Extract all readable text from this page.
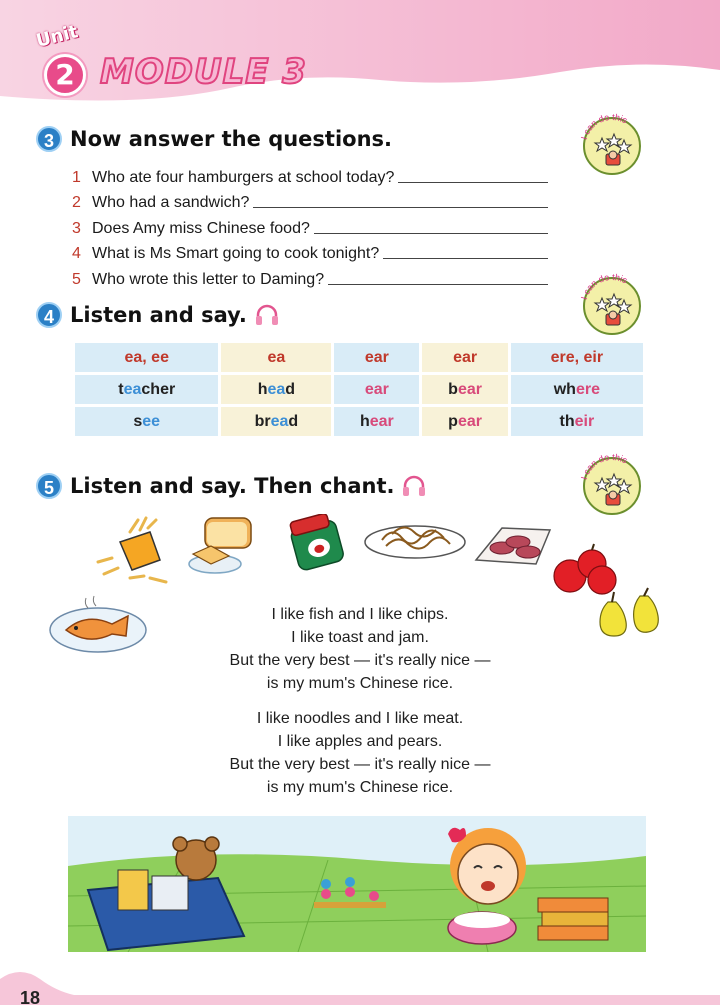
Unit
2 MODULE 3
3 Now answer the questions.
1 Who ate four hamburgers at school today?
2 Who had a sandwich?
3 Does Amy miss Chinese food?
4 What is Ms Smart going to cook tonight?
5 Who wrote this letter to Daming?
I can do this
4 Listen and say.
I can do this
ea, ee	ea	ear	ear	ere, eir
teacher	head	ear	bear	where
see	bread	hear	pear	their
5 Listen and say. Then chant.	I can do this
I like fish and I like chips.
I like toast and jam.
But the very best — it's really nice —
is my mum's Chinese rice.
I like noodles and I like meat.
I like apples and pears.
But the very best — it's really nice —
is my mum's Chinese rice.
18
